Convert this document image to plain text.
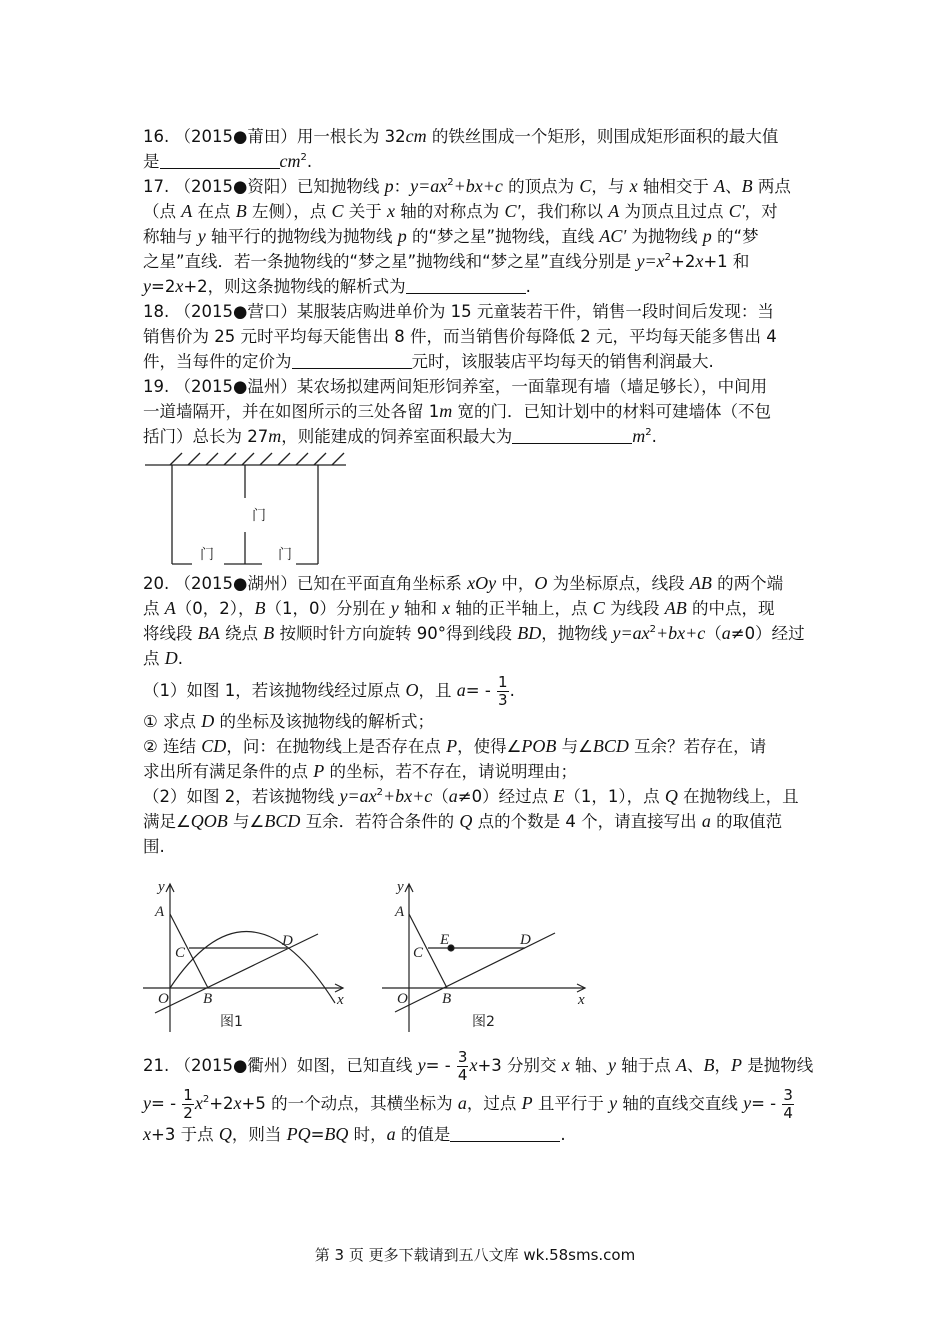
16. （2015●莆田）用一根长为 32cm 的铁丝围成一个矩形，则围成矩形面积的最大值
是	$cm^2$.
17. （2015●资阳）已知抛物线 p：$y=ax^2+bx+c$ 的顶点为 C，与 x 轴相交于 A、B 两点
（点 A 在点 B 左侧），点 C 关于 x 轴的对称点为 C′，我们称以 A 为顶点且过点 C′，对
称轴与 y 轴平行的抛物线为抛物线 p 的“梦之星”抛物线，直线 AC′ 为抛物线 p 的“梦
之星”直线．若一条抛物线的“梦之星”抛物线和“梦之星”直线分别是 $y=x^2+2x+1$ 和
y=2x+2，则这条抛物线的解析式为	.
18. （2015●营口）某服装店购进单价为 15 元童装若干件，销售一段时间后发现：当
销售价为 25 元时平均每天能售出 8 件，而当销售价每降低 2 元，平均每天能多售出 4
件，当每件的定价为	元时，该服装店平均每天的销售利润最大.
19. （2015●温州）某农场拟建两间矩形饲养室，一面靠现有墙（墙足够长），中间用
一道墙隔开，并在如图所示的三处各留 1m 宽的门．已知计划中的材料可建墙体（不包
括门）总长为 27m，则能建成的饲养室面积最大为	$m^2$.
20. （2015●湖州）已知在平面直角坐标系 xOy 中，O 为坐标原点，线段 AB 的两个端
点 A（0，2），B（1，0）分别在 y 轴和 x 轴的正半轴上，点 C 为线段 AB 的中点，现
将线段 BA 绕点 B 按顺时针方向旋转 90°得到线段 BD，抛物线 $y=ax^2+bx+c(a\ne 0)$经过
点 D.
（1）如图 1，若该抛物线经过原点 O，且 $a= - \frac{1}{3}$ .
① 求点 D 的坐标及该抛物线的解析式；
② 连结 CD，问：在抛物线上是否存在点 P，使得∠POB 与∠BCD 互余？若存在，请
求出所有满足条件的点 P 的坐标，若不存在，请说明理由；
（2）如图 2，若该抛物线 $y=ax^2+bx+c(a\ne 0)$经过点 E（1，1），点 Q 在抛物线上，且
满足∠QOB 与∠BCD 互余．若符合条件的 Q 点的个数是 4 个，请直接写出 a 的取值范
围.
21. （2015●衢州）如图，已知直线 $y= - \frac{3}{4} x+3$ 分别交 x 轴、y 轴于点 A、B，P 是抛物线
$y= - \frac{1}{2} x^2+2x+5$ 的一个动点，其横坐标为 a，过点 P 且平行于 y 轴的直线交直线 $y= - \frac{3}{4}$
x+3 于点 Q，则当 PQ=BQ 时，a 的值是	.
门
门	门
y
A
C
D
O B	x
图1
y
A
C
E	D
O B	x
图2
第 3 页 更多下载请到五八文库 wk.58sms.com
